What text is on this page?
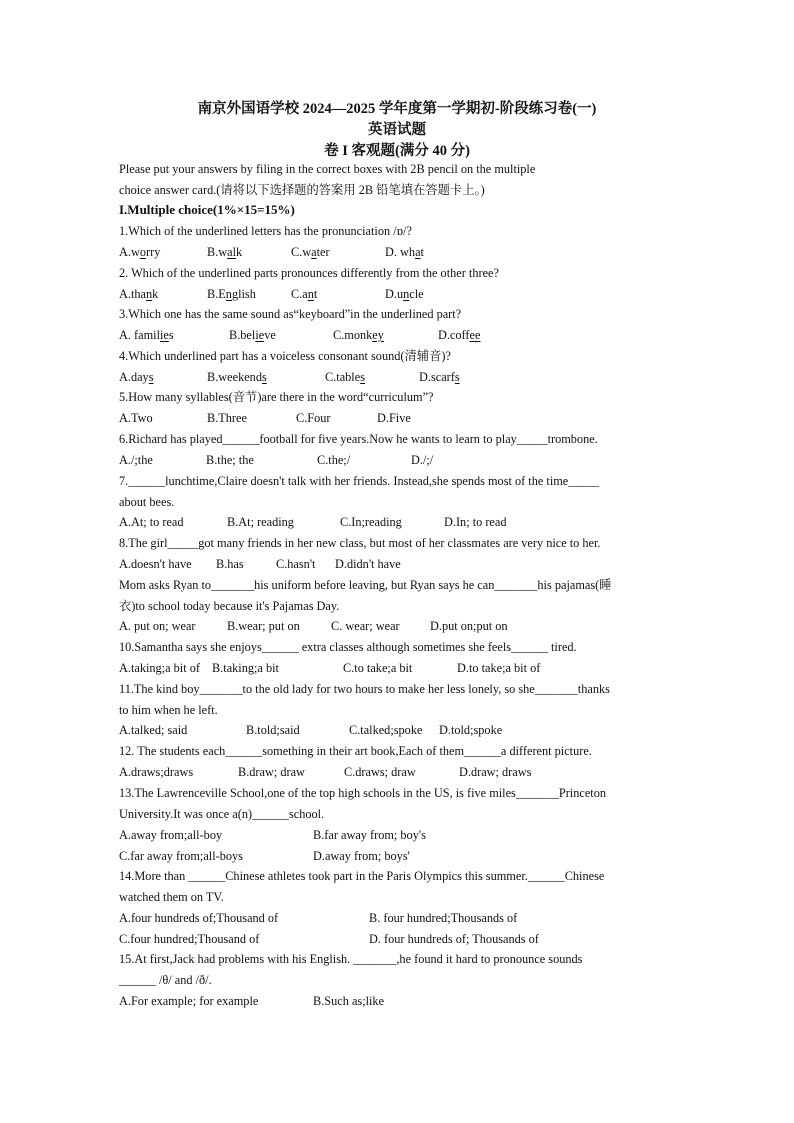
南京外国语学校 2024—2025 学年度第一学期初-阶段练习卷(一)
英语试题
卷 I 客观题(满分 40 分)
Please put your answers by filing in the correct boxes with 2B pencil on the multiple
choice answer card.(请将以下选择题的答案用 2B 铅笔填在答题卡上。)
I.Multiple choice(1%×15=15%)
1.Which of the underlined letters has the pronunciation /ɒ/?
A.worry	B.walk	C.water	D. what
2. Which of the underlined parts pronounces differently from the other three?
A.thank	B.English	C.ant	D.uncle
3.Which one has the same sound as“keyboard”in the underlined part?
A. families	B.believe	C.monkey	D.coffee
4.Which underlined part has a voiceless consonant sound(清辅音)?
A.days	B.weekends	C.tables	D.scarfs
5.How many syllables(音节)are there in the word“curriculum”?
A.Two	B.Three	C.Four	D.Five
6.Richard has played______football for five years.Now he wants to learn to play_____trombone.
A./;the	B.the; the	C.the;/	D./;/
7.______lunchtime,Claire doesn't talk with her friends. Instead,she spends most of the time_____
about bees.
A.At; to read	B.At; reading	C.In;reading	D.In; to read
8.The girl_____got many friends in her new class, but most of her classmates are very nice to her.
A.doesn't have B.has	C.hasn't D.didn't have
Mom asks Ryan to_______his uniform before leaving, but Ryan says he can_______his pajamas(睡
衣)to school today because it's Pajamas Day.
A. put on; wear	B.wear; put on	C. wear; wear D.put on;put on
10.Samantha says she enjoys______ extra classes although sometimes she feels______ tired.
A.taking;a bit of B.taking;a bit	C.to take;a bit	D.to take;a bit of
11.The kind boy_______to the old lady for two hours to make her less lonely, so she_______thanks
to him when he left.
A.talked; said	B.told;said	C.talked;spoke D.told;spoke
12. The students each______something in their art book,Each of them______a different picture.
A.draws;draws	B.draw; draw	C.draws; draw	D.draw; draws
13.The Lawrenceville School,one of the top high schools in the US, is five miles_______Princeton
University.It was once a(n)______school.
A.away from;all-boy	B.far away from; boy's
C.far away from;all-boys	D.away from; boys'
14.More than ______Chinese athletes took part in the Paris Olympics this summer.______Chinese
watched them on TV.
A.four hundreds of;Thousand of	B. four hundred;Thousands of
C.four hundred;Thousand of	D. four hundreds of; Thousands of
15.At first,Jack had problems with his English. _______,he found it hard to pronounce sounds
______ /θ/ and /ð/.
A.For example; for example	B.Such as;like
